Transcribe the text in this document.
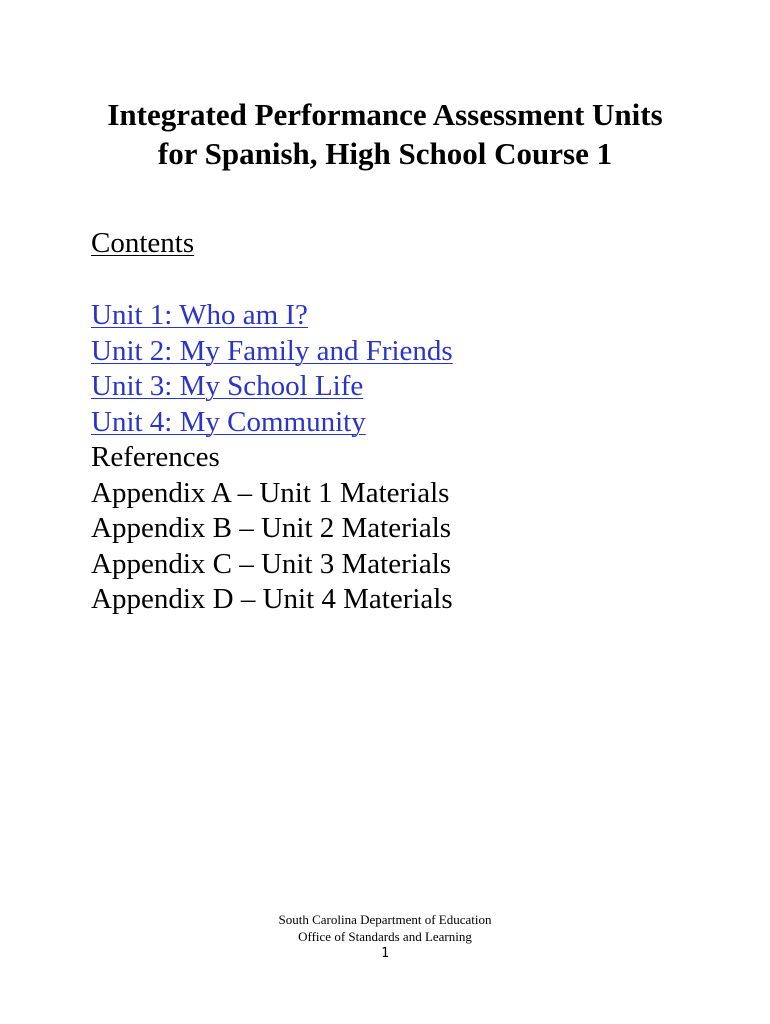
Integrated Performance Assessment Units
for Spanish, High School Course 1
Contents
Unit 1: Who am I?
Unit 2: My Family and Friends
Unit 3: My School Life
Unit 4: My Community
References
Appendix A – Unit 1 Materials
Appendix B – Unit 2 Materials
Appendix C – Unit 3 Materials
Appendix D – Unit 4 Materials
South Carolina Department of Education
Office of Standards and Learning
1
